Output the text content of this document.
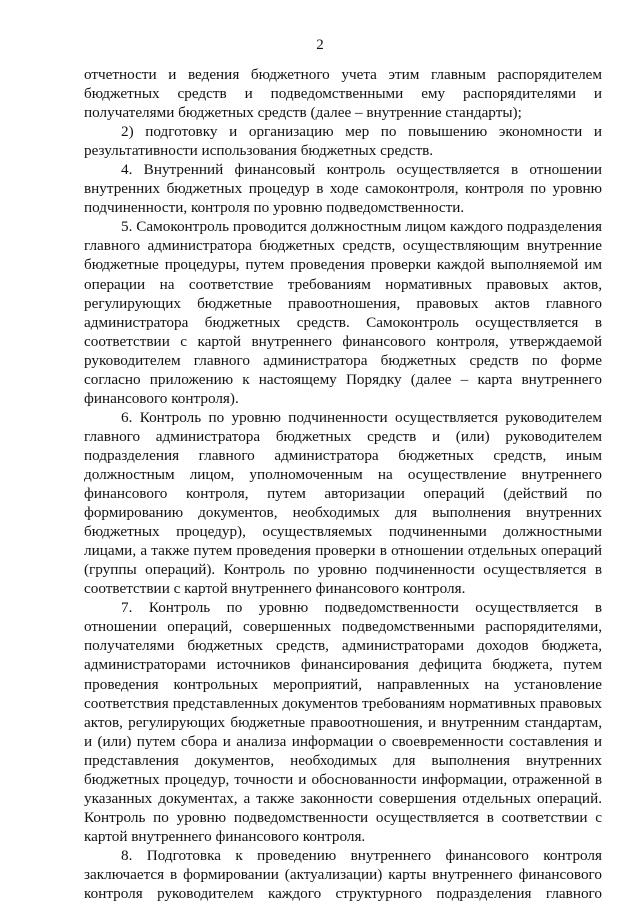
2

отчетности и ведения бюджетного учета этим главным распорядителем бюджетных средств и подведомственными ему распорядителями и получателями бюджетных средств (далее – внутренние стандарты);

2) подготовку и организацию мер по повышению экономности и результативности использования бюджетных средств.

4. Внутренний финансовый контроль осуществляется в отношении внутренних бюджетных процедур в ходе самоконтроля, контроля по уровню подчиненности, контроля по уровню подведомственности.

5. Самоконтроль проводится должностным лицом каждого подразделения главного администратора бюджетных средств, осуществляющим внутренние бюджетные процедуры, путем проведения проверки каждой выполняемой им операции на соответствие требованиям нормативных правовых актов, регулирующих бюджетные правоотношения, правовых актов главного администратора бюджетных средств. Самоконтроль осуществляется в соответствии с картой внутреннего финансового контроля, утверждаемой руководителем главного администратора бюджетных средств по форме согласно приложению к настоящему Порядку (далее – карта внутреннего финансового контроля).

6. Контроль по уровню подчиненности осуществляется руководителем главного администратора бюджетных средств и (или) руководителем подразделения главного администратора бюджетных средств, иным должностным лицом, уполномоченным на осуществление внутреннего финансового контроля, путем авторизации операций (действий по формированию документов, необходимых для выполнения внутренних бюджетных процедур), осуществляемых подчиненными должностными лицами, а также путем проведения проверки в отношении отдельных операций (группы операций). Контроль по уровню подчиненности осуществляется в соответствии с картой внутреннего финансового контроля.

7. Контроль по уровню подведомственности осуществляется в отношении операций, совершенных подведомственными распорядителями, получателями бюджетных средств, администраторами доходов бюджета, администраторами источников финансирования дефицита бюджета, путем проведения контрольных мероприятий, направленных на установление соответствия представленных документов требованиям нормативных правовых актов, регулирующих бюджетные правоотношения, и внутренним стандартам, и (или) путем сбора и анализа информации о своевременности составления и представления документов, необходимых для выполнения внутренних бюджетных процедур, точности и обоснованности информации, отраженной в указанных документах, а также законности совершения отдельных операций. Контроль по уровню подведомственности осуществляется в соответствии с картой внутреннего финансового контроля.

8. Подготовка к проведению внутреннего финансового контроля заключается в формировании (актуализации) карты внутреннего финансового контроля руководителем каждого структурного подразделения главного
